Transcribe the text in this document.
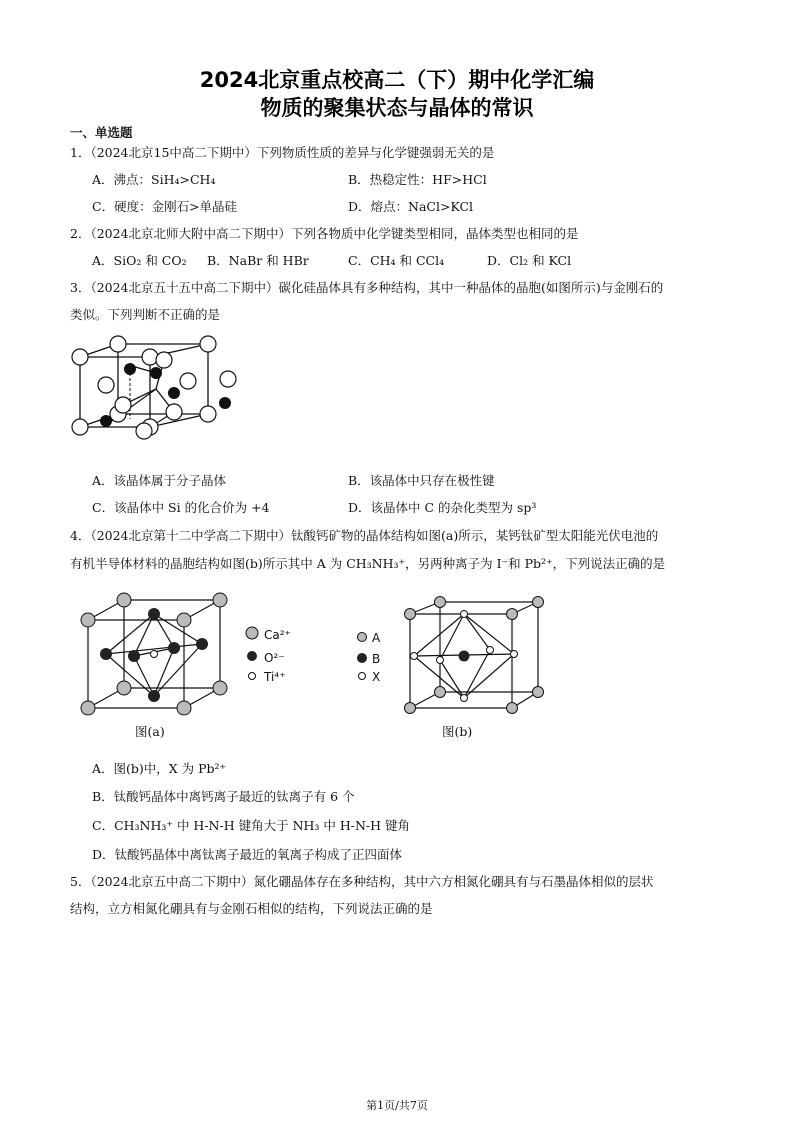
2024北京重点校高二（下）期中化学汇编
物质的聚集状态与晶体的常识
一、单选题
1．（2024北京15中高二下期中）下列物质性质的差异与化学键强弱无关的是
A．沸点：SiH₄>CH₄	B．热稳定性：HF>HCl
C．硬度：金刚石>单晶硅	D．熔点：NaCl>KCl
2．（2024北京北师大附中高二下期中）下列各物质中化学键类型相同，晶体类型也相同的是
A．SiO₂ 和 CO₂ B．NaBr 和 HBr	C．CH₄ 和 CCl₄	D．Cl₂ 和 KCl
3．（2024北京五十五中高二下期中）碳化硅晶体具有多种结构，其中一种晶体的晶胞(如图所示)与金刚石的
类似。下列判断不正确的是
A．该晶体属于分子晶体	B．该晶体中只存在极性键
C．该晶体中 Si 的化合价为 +4	D．该晶体中 C 的杂化类型为 sp³
4．（2024北京第十二中学高二下期中）钛酸钙矿物的晶体结构如图(a)所示，某钙钛矿型太阳能光伏电池的
有机半导体材料的晶胞结构如图(b)所示其中 A 为 CH₃NH₃⁺，另两种离子为 I⁻和 Pb²⁺，下列说法正确的是
Ca²⁺
O²⁻
Ti⁴⁺
图(a)
A
B
X
图(b)
A．图(b)中，X 为 Pb²⁺
B．钛酸钙晶体中离钙离子最近的钛离子有 6 个
C．CH₃NH₃⁺ 中 H-N-H 键角大于 NH₃ 中 H-N-H 键角
D．钛酸钙晶体中离钛离子最近的氧离子构成了正四面体
5．（2024北京五中高二下期中）氮化硼晶体存在多种结构，其中六方相氮化硼具有与石墨晶体相似的层状
结构，立方相氮化硼具有与金刚石相似的结构，下列说法正确的是
第1页/共7页
